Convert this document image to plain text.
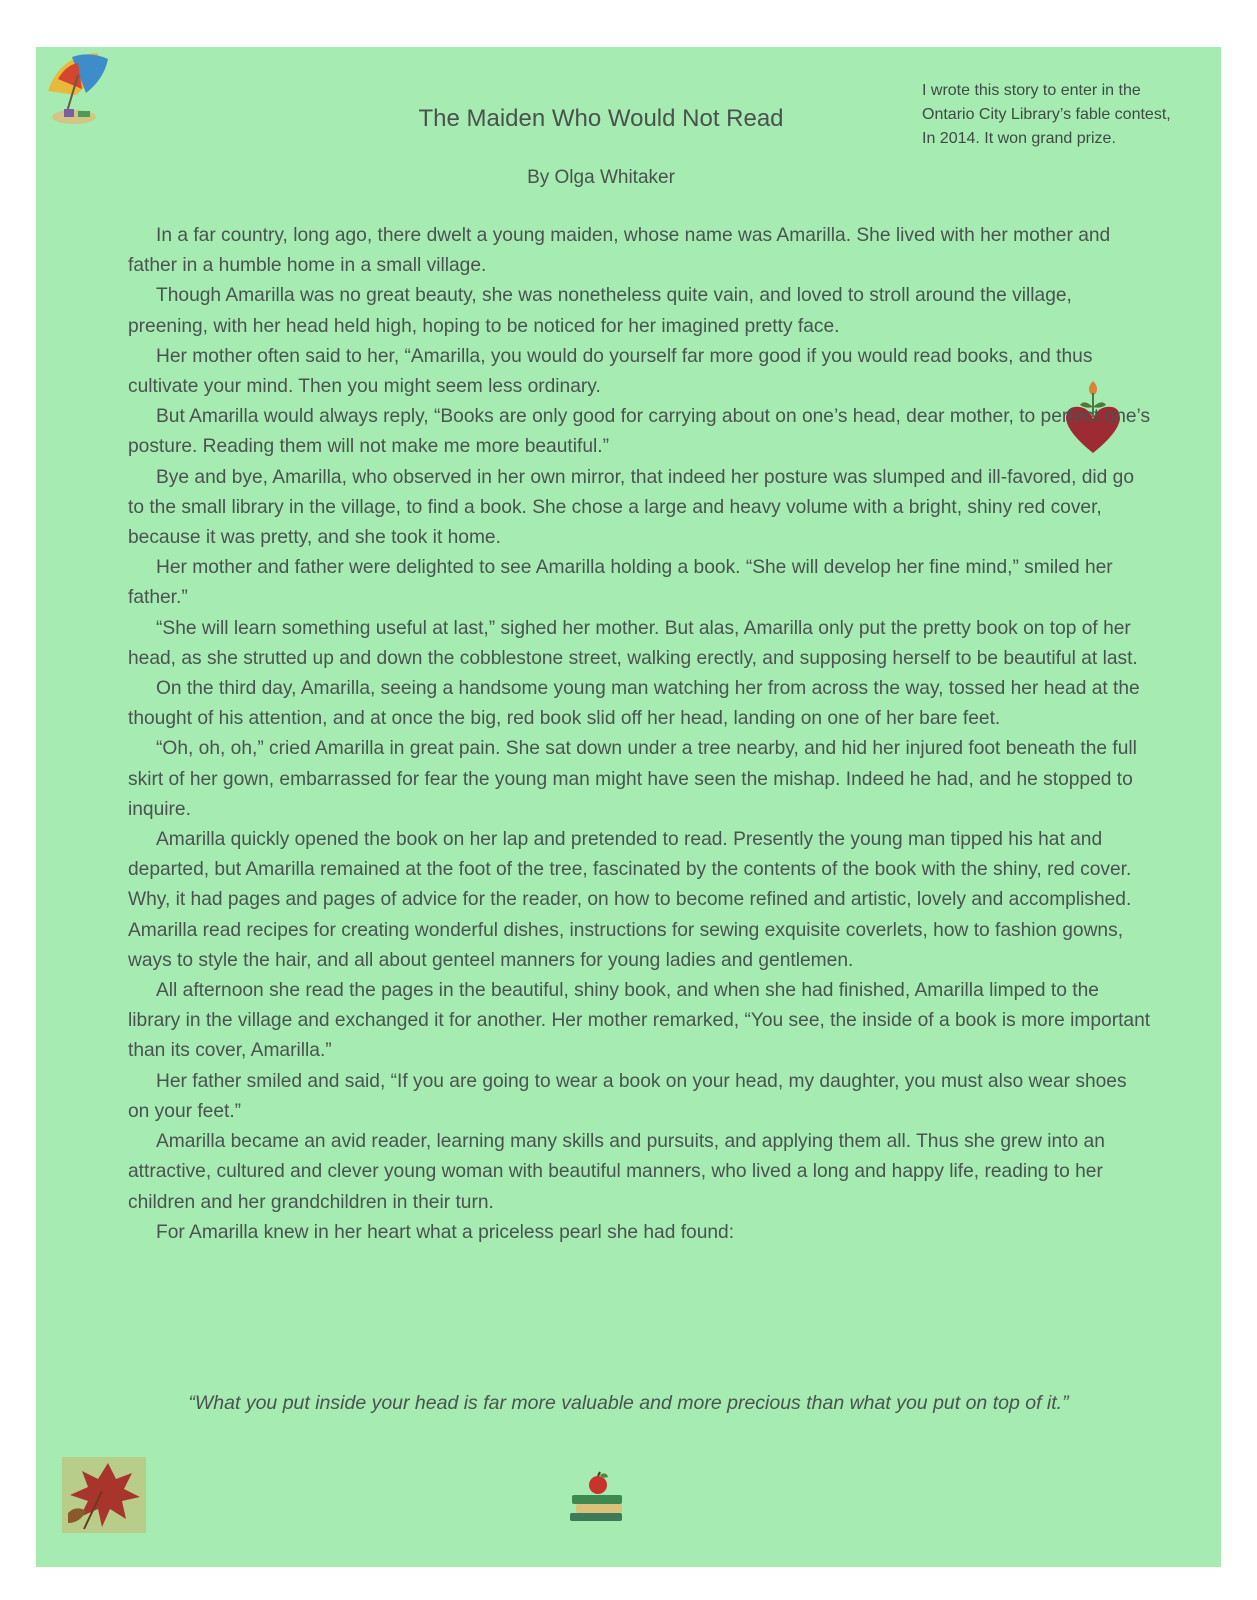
I wrote this story to enter in the
Ontario City Library’s fable contest,
In 2014. It won grand prize.
The Maiden Who Would Not Read
By Olga Whitaker

In a far country, long ago, there dwelt a young maiden, whose name was Amarilla. She lived with her mother and father in a humble home in a small village.

Though Amarilla was no great beauty, she was nonetheless quite vain, and loved to stroll around the village, preening, with her head held high, hoping to be noticed for her imagined pretty face.

Her mother often said to her, “Amarilla, you would do yourself far more good if you would read books, and thus cultivate your mind. Then you might seem less ordinary.

But Amarilla would always reply, “Books are only good for carrying about on one’s head, dear mother, to perfect one’s posture. Reading them will not make me more beautiful.”

Bye and bye, Amarilla, who observed in her own mirror, that indeed her posture was slumped and ill-favored, did go to the small library in the village, to find a book. She chose a large and heavy volume with a bright, shiny red cover, because it was pretty, and she took it home.

Her mother and father were delighted to see Amarilla holding a book. “She will develop her fine mind,” smiled her father.”

“She will learn something useful at last,” sighed her mother. But alas, Amarilla only put the pretty book on top of her head, as she strutted up and down the cobblestone street, walking erectly, and supposing herself to be beautiful at last.

On the third day, Amarilla, seeing a handsome young man watching her from across the way, tossed her head at the thought of his attention, and at once the big, red book slid off her head, landing on one of her bare feet.

“Oh, oh, oh,” cried Amarilla in great pain. She sat down under a tree nearby, and hid her injured foot beneath the full skirt of her gown, embarrassed for fear the young man might have seen the mishap. Indeed he had, and he stopped to inquire.

Amarilla quickly opened the book on her lap and pretended to read. Presently the young man tipped his hat and departed, but Amarilla remained at the foot of the tree, fascinated by the contents of the book with the shiny, red cover. Why, it had pages and pages of advice for the reader, on how to become refined and artistic, lovely and accomplished. Amarilla read recipes for creating wonderful dishes, instructions for sewing exquisite coverlets, how to fashion gowns, ways to style the hair, and all about genteel manners for young ladies and gentlemen.

All afternoon she read the pages in the beautiful, shiny book, and when she had finished, Amarilla limped to the library in the village and exchanged it for another. Her mother remarked, “You see, the inside of a book is more important than its cover, Amarilla.”

Her father smiled and said, “If you are going to wear a book on your head, my daughter, you must also wear shoes on your feet.”

Amarilla became an avid reader, learning many skills and pursuits, and applying them all. Thus she grew into an attractive, cultured and clever young woman with beautiful manners, who lived a long and happy life, reading to her children and her grandchildren in their turn.

For Amarilla knew in her heart what a priceless pearl she had found:

“What you put inside your head is far more valuable and more precious than what you put on top of it.”
